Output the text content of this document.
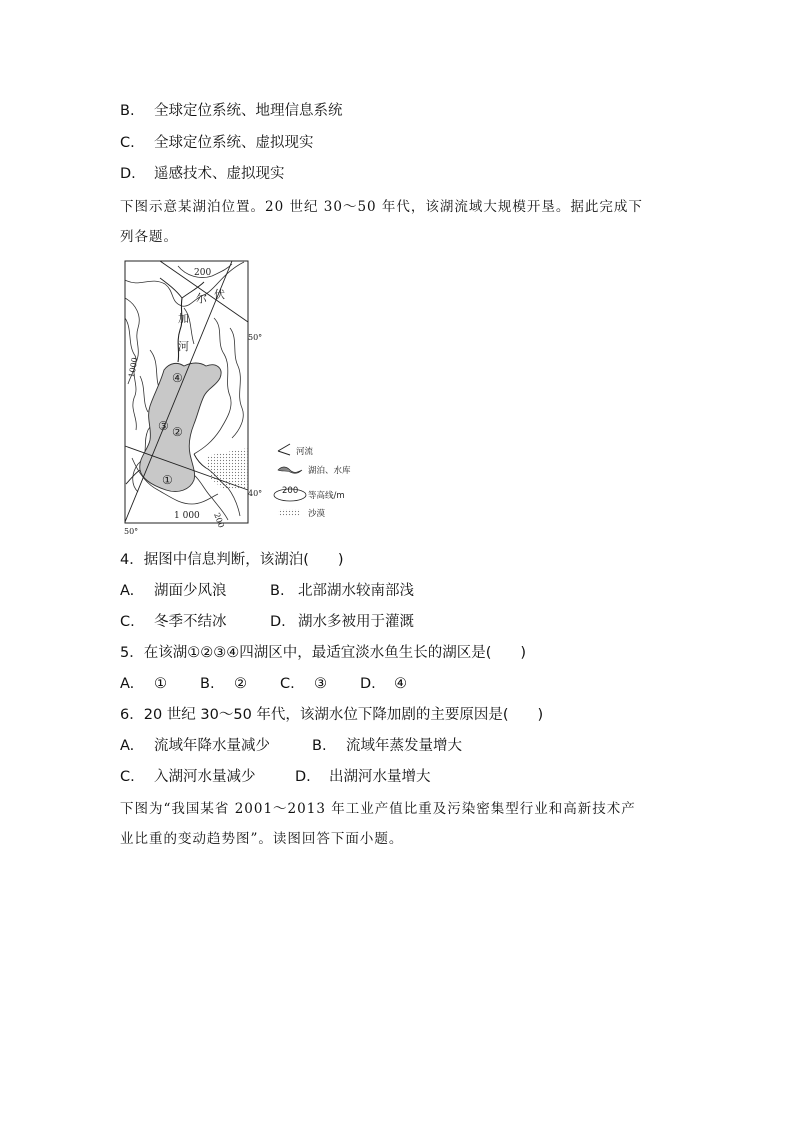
B. 全球定位系统、地理信息系统
C. 全球定位系统、虚拟现实
D. 遥感技术、虚拟现实
下图示意某湖泊位置。20 世纪 30～50 年代，该湖流域大规模开垦。据此完成下
列各题。
200
1000
1 000 200
尔 伏
加
河
50°
40°
50°
④
③ ②
①
河流
湖泊、水库
200 等高线/m
沙漠
4．据图中信息判断，该湖泊(　　)
A. 湖面少风浪	B. 北部湖水较南部浅
C. 冬季不结冰	D. 湖水多被用于灌溉
5．在该湖①②③④四湖区中，最适宜淡水鱼生长的湖区是(　　)
A. ① B. ② C. ③ D. ④
6．20 世纪 30～50 年代，该湖水位下降加剧的主要原因是(　　)
A. 流域年降水量减少	B. 流域年蒸发量增大
C. 入湖河水量减少	D. 出湖河水量增大
下图为“我国某省 2001～2013 年工业产值比重及污染密集型行业和高新技术产
业比重的变动趋势图”。读图回答下面小题。
